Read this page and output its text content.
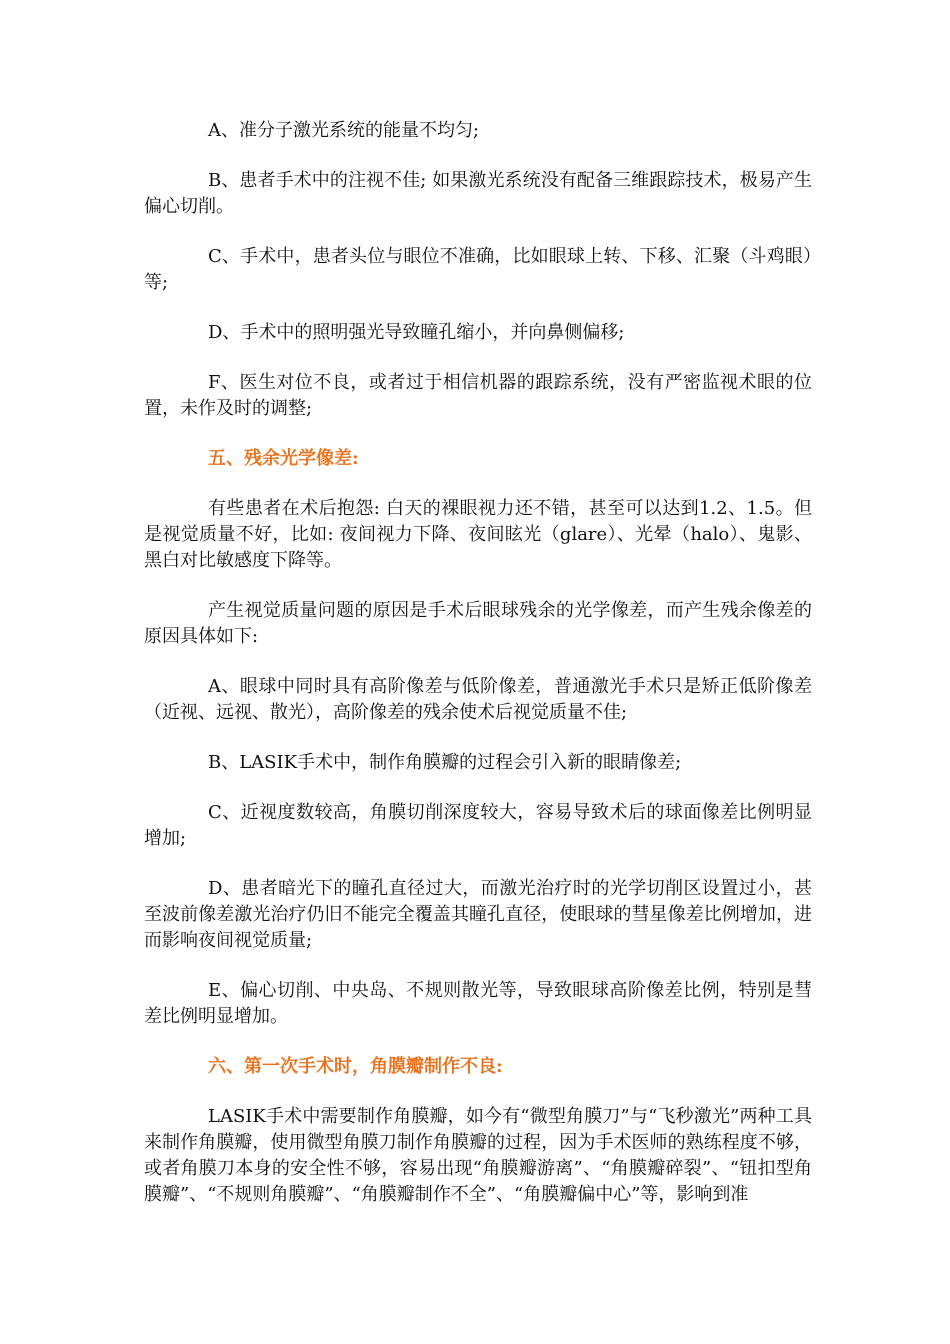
A、准分子激光系统的能量不均匀;

B、患者手术中的注视不佳; 如果激光系统没有配备三维跟踪技术，极易产生偏心切削。

C、手术中，患者头位与眼位不准确，比如眼球上转、下移、汇聚（斗鸡眼）等;

D、手术中的照明强光导致瞳孔缩小，并向鼻侧偏移;

F、医生对位不良，或者过于相信机器的跟踪系统，没有严密监视术眼的位置，未作及时的调整;

五、残余光学像差:

有些患者在术后抱怨: 白天的裸眼视力还不错，甚至可以达到1.2、1.5。但是视觉质量不好，比如: 夜间视力下降、夜间眩光（glare）、光晕（halo）、鬼影、黑白对比敏感度下降等。

产生视觉质量问题的原因是手术后眼球残余的光学像差，而产生残余像差的原因具体如下:

A、眼球中同时具有高阶像差与低阶像差，普通激光手术只是矫正低阶像差（近视、远视、散光），高阶像差的残余使术后视觉质量不佳;

B、LASIK手术中，制作角膜瓣的过程会引入新的眼睛像差;

C、近视度数较高，角膜切削深度较大，容易导致术后的球面像差比例明显增加;

D、患者暗光下的瞳孔直径过大，而激光治疗时的光学切削区设置过小，甚至波前像差激光治疗仍旧不能完全覆盖其瞳孔直径，使眼球的彗星像差比例增加，进而影响夜间视觉质量;

E、偏心切削、中央岛、不规则散光等，导致眼球高阶像差比例，特别是彗差比例明显增加。

六、第一次手术时，角膜瓣制作不良:

LASIK手术中需要制作角膜瓣，如今有“微型角膜刀”与“飞秒激光”两种工具来制作角膜瓣，使用微型角膜刀制作角膜瓣的过程，因为手术医师的熟练程度不够，或者角膜刀本身的安全性不够，容易出现“角膜瓣游离”、“角膜瓣碎裂”、“钮扣型角膜瓣”、“不规则角膜瓣”、“角膜瓣制作不全”、“角膜瓣偏中心”等，影响到准
